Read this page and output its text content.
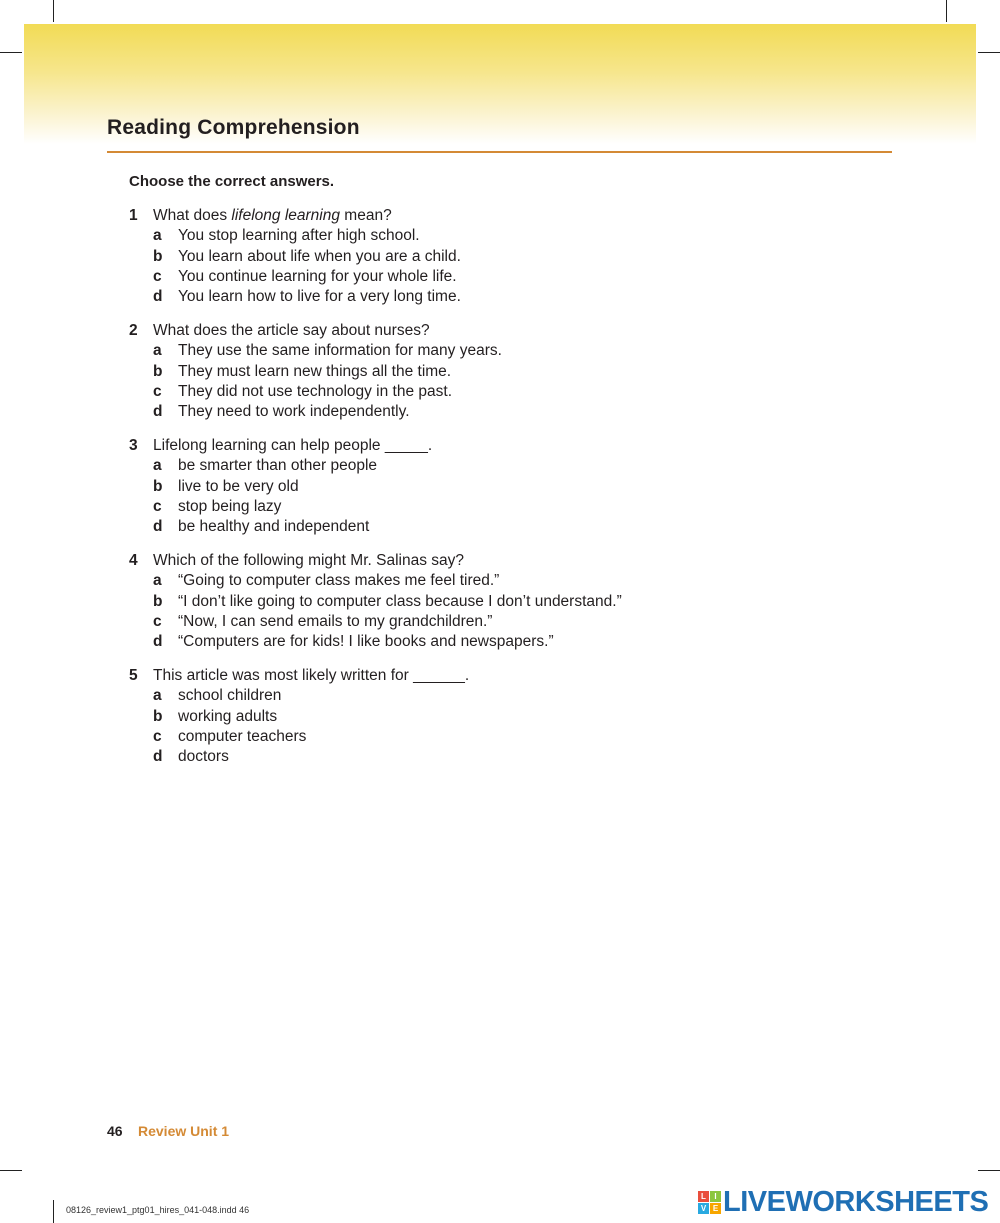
Reading Comprehension
Choose the correct answers.
1 What does lifelong learning mean?
a You stop learning after high school.
b You learn about life when you are a child.
c You continue learning for your whole life.
d You learn how to live for a very long time.
2 What does the article say about nurses?
a They use the same information for many years.
b They must learn new things all the time.
c They did not use technology in the past.
d They need to work independently.
3 Lifelong learning can help people _____.
a be smarter than other people
b live to be very old
c stop being lazy
d be healthy and independent
4 Which of the following might Mr. Salinas say?
a “Going to computer class makes me feel tired.”
b “I don’t like going to computer class because I don’t understand.”
c “Now, I can send emails to my grandchildren.”
d “Computers are for kids! I like books and newspapers.”
5 This article was most likely written for ______.
a school children
b working adults
c computer teachers
d doctors
46 Review Unit 1
08126_review1_ptg01_hires_041-048.indd 46
L	I
V E LIVEWORKSHEETS
